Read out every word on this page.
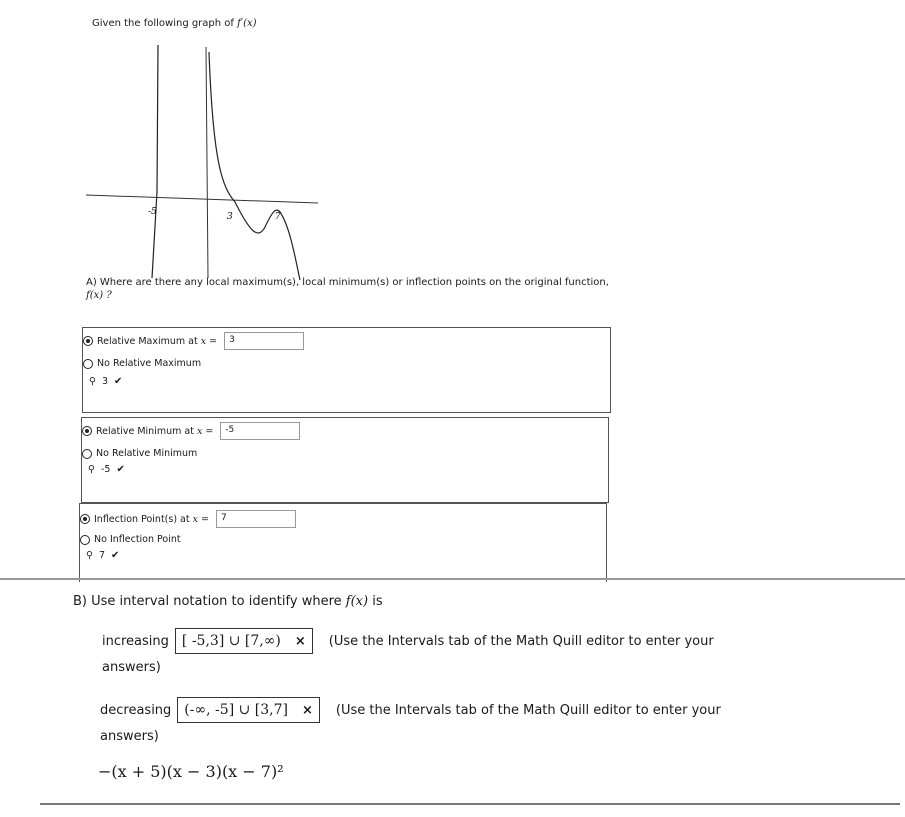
Given the following graph of f′(x)
-5	3	7
A) Where are there any local maximum(s), local minimum(s) or inflection points on the original function,
f(x) ?
Relative Maximum at x =	3
No Relative Maximum
⚲ 3 ✔
Relative Minimum at x =	-5
No Relative Minimum
⚲ -5 ✔
Inflection Point(s) at x =	7
No Inflection Point
⚲ 7 ✔
B) Use interval notation to identify where f(x) is
increasing [ -5,3] ∪ [7,∞) × (Use the Intervals tab of the Math Quill editor to enter your
answers)
decreasing (-∞, -5] ∪ [3,7] × (Use the Intervals tab of the Math Quill editor to enter your
answers)
−(x + 5)(x − 3)(x − 7)²
